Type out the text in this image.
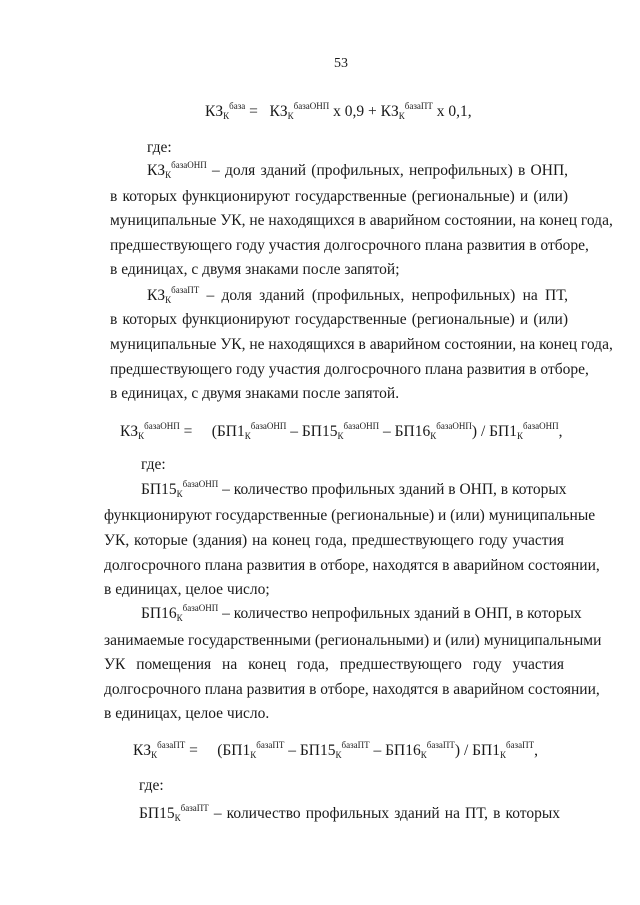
53
$КЗ_К^{база} = КЗ_К^{базаОНП}$ х $0,9 + КЗ_К^{базаПТ}$ х 0,1,
где:
$КЗ_К^{базаОНП}$ – доля зданий (профильных, непрофильных) в ОНП,
в которых функционируют государственные (региональные) и (или)
муниципальные УК, не находящихся в аварийном состоянии, на конец года,
предшествующего году участия долгосрочного плана развития в отборе,
в единицах, с двумя знаками после запятой;
$КЗ_К^{базаПТ}$ – доля зданий (профильных, непрофильных) на ПТ,
в которых функционируют государственные (региональные) и (или)
муниципальные УК, не находящихся в аварийном состоянии, на конец года,
предшествующего году участия долгосрочного плана развития в отборе,
в единицах, с двумя знаками после запятой.
$КЗ_К^{базаОНП} = (БП1_К^{базаОНП} - БП15_К^{базаОНП} - БП16_К^{базаОНП}) / БП1_К^{базаОНП}$,
где:
$БП15_К^{базаОНП}$ – количество профильных зданий в ОНП, в которых
функционируют государственные (региональные) и (или) муниципальные
УК, которые (здания) на конец года, предшествующего году участия
долгосрочного плана развития в отборе, находятся в аварийном состоянии,
в единицах, целое число;
$БП16_К^{базаОНП}$ – количество непрофильных зданий в ОНП, в которых
занимаемые государственными (региональными) и (или) муниципальными
УК помещения на конец года, предшествующего году участия
долгосрочного плана развития в отборе, находятся в аварийном состоянии,
в единицах, целое число.
$КЗ_К^{базаПТ} = (БП1_К^{базаПТ} - БП15_К^{базаПТ} - БП16_К^{базаПТ}) / БП1_К^{базаПТ}$,
где:
$БП15_К^{базаПТ}$ – количество профильных зданий на ПТ, в которых
